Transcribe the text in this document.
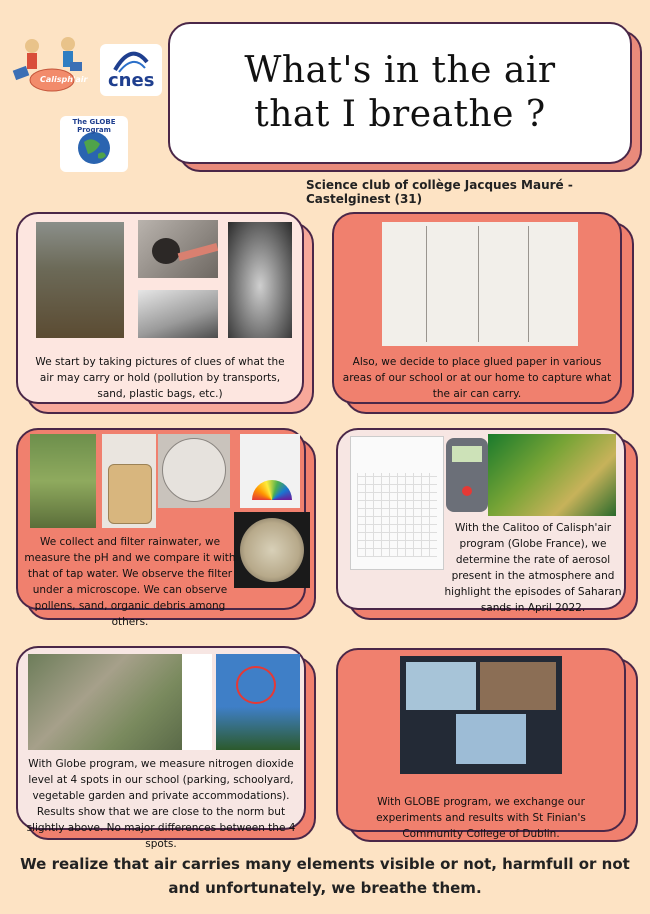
Calisph'air cnes
The GLOBE Program
What's in the air that I breathe ?
Science club of collège Jacques Mauré - Castelginest (31)
We start by taking pictures of clues of what the air may carry or hold (pollution by transports, sand, plastic bags, etc.)
Also, we decide to place glued paper in various areas of our school or at our home to capture what the air can carry.
We collect and filter rainwater, we measure the pH and we compare it with that of tap water. We observe the filter under a microscope. We can observe pollens, sand, organic debris among others.
With the Calitoo of Calisph'air program (Globe France), we determine the rate of aerosol present in the atmosphere and highlight the episodes of Saharan sands in April 2022.
With Globe program, we measure nitrogen dioxide level at 4 spots in our school (parking, schoolyard, vegetable garden and private accommodations). Results show that we are close to the norm but slightly above. No major differences between the 4 spots.
With GLOBE program, we exchange our experiments and results with St Finian's Community College of Dublin.
We realize that air carries many elements visible or not, harmfull or not and unfortunately, we breathe them.
